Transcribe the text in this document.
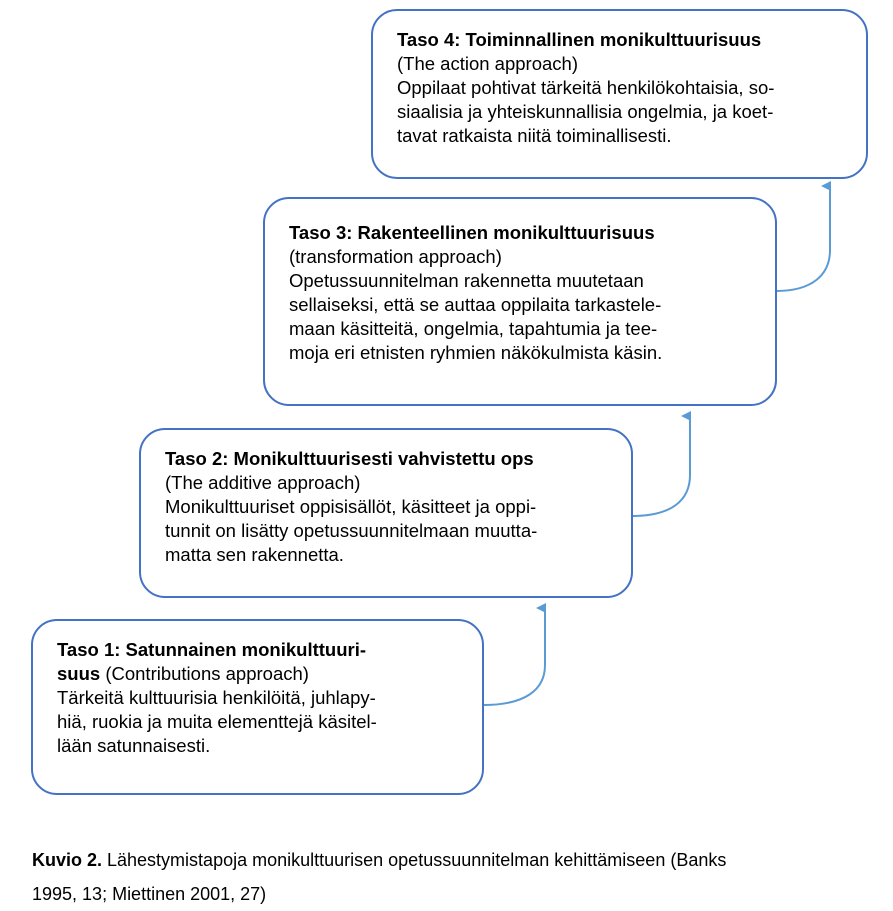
Taso 4: Toiminnallinen monikulttuurisuus
(The action approach)
Oppilaat pohtivat tärkeitä henkilökohtaisia, so-
siaalisia ja yhteiskunnallisia ongelmia, ja koet-
tavat ratkaista niitä toiminallisesti.
Taso 3: Rakenteellinen monikulttuurisuus
(transformation approach)
Opetussuunnitelman rakennetta muutetaan
sellaiseksi, että se auttaa oppilaita tarkastele-
maan käsitteitä, ongelmia, tapahtumia ja tee-
moja eri etnisten ryhmien näkökulmista käsin.
Taso 2: Monikulttuurisesti vahvistettu ops
(The additive approach)
Monikulttuuriset oppisisällöt, käsitteet ja oppi-
tunnit on lisätty opetussuunnitelmaan muutta-
matta sen rakennetta.
Taso 1: Satunnainen monikulttuuri-
suus (Contributions approach)
Tärkeitä kulttuurisia henkilöitä, juhlapy-
hiä, ruokia ja muita elementtejä käsitel-
lään satunnaisesti.
Kuvio 2. Lähestymistapoja monikulttuurisen opetussuunnitelman kehittämiseen (Banks
1995, 13; Miettinen 2001, 27)
